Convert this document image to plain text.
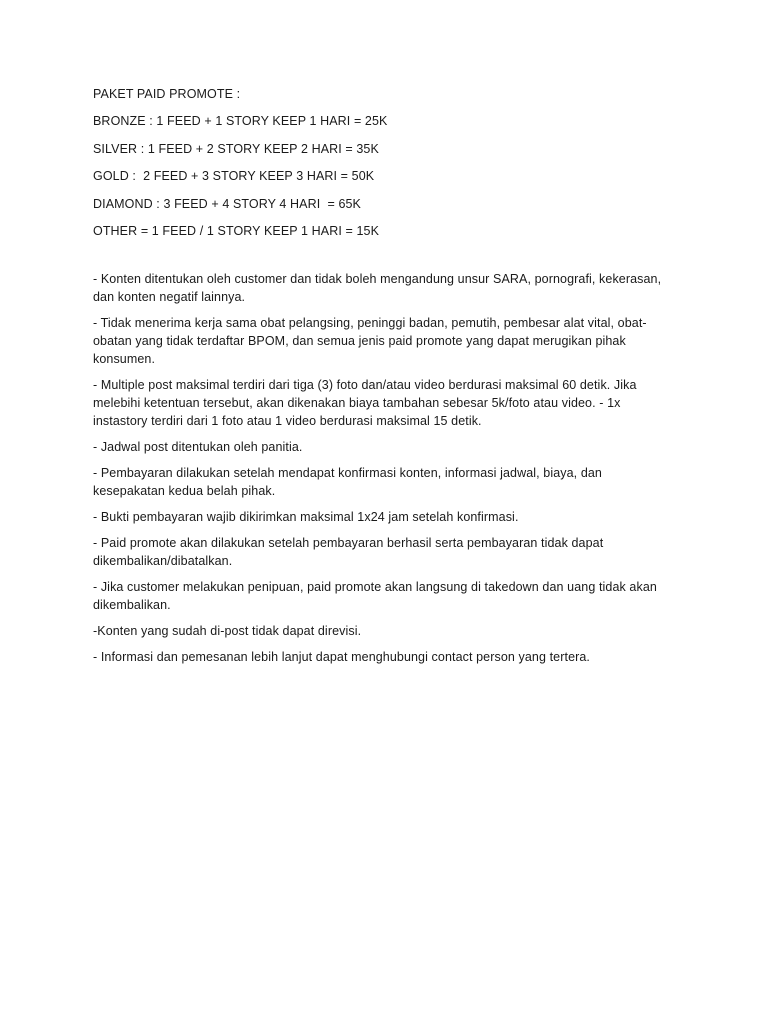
PAKET PAID PROMOTE :
BRONZE : 1 FEED + 1 STORY KEEP 1 HARI = 25K
SILVER : 1 FEED + 2 STORY KEEP 2 HARI = 35K
GOLD :  2 FEED + 3 STORY KEEP 3 HARI = 50K
DIAMOND : 3 FEED + 4 STORY 4 HARI  = 65K
OTHER = 1 FEED / 1 STORY KEEP 1 HARI = 15K
- Konten ditentukan oleh customer dan tidak boleh mengandung unsur SARA, pornografi, kekerasan,
dan konten negatif lainnya.
- Tidak menerima kerja sama obat pelangsing, peninggi badan, pemutih, pembesar alat vital, obat-
obatan yang tidak terdaftar BPOM, dan semua jenis paid promote yang dapat merugikan pihak
konsumen.
- Multiple post maksimal terdiri dari tiga (3) foto dan/atau video berdurasi maksimal 60 detik. Jika
melebihi ketentuan tersebut, akan dikenakan biaya tambahan sebesar 5k/foto atau video. - 1x
instastory terdiri dari 1 foto atau 1 video berdurasi maksimal 15 detik.
- Jadwal post ditentukan oleh panitia.
- Pembayaran dilakukan setelah mendapat konfirmasi konten, informasi jadwal, biaya, dan
kesepakatan kedua belah pihak.
- Bukti pembayaran wajib dikirimkan maksimal 1x24 jam setelah konfirmasi.
- Paid promote akan dilakukan setelah pembayaran berhasil serta pembayaran tidak dapat
dikembalikan/dibatalkan.
- Jika customer melakukan penipuan, paid promote akan langsung di takedown dan uang tidak akan
dikembalikan.
-Konten yang sudah di-post tidak dapat direvisi.
- Informasi dan pemesanan lebih lanjut dapat menghubungi contact person yang tertera.
